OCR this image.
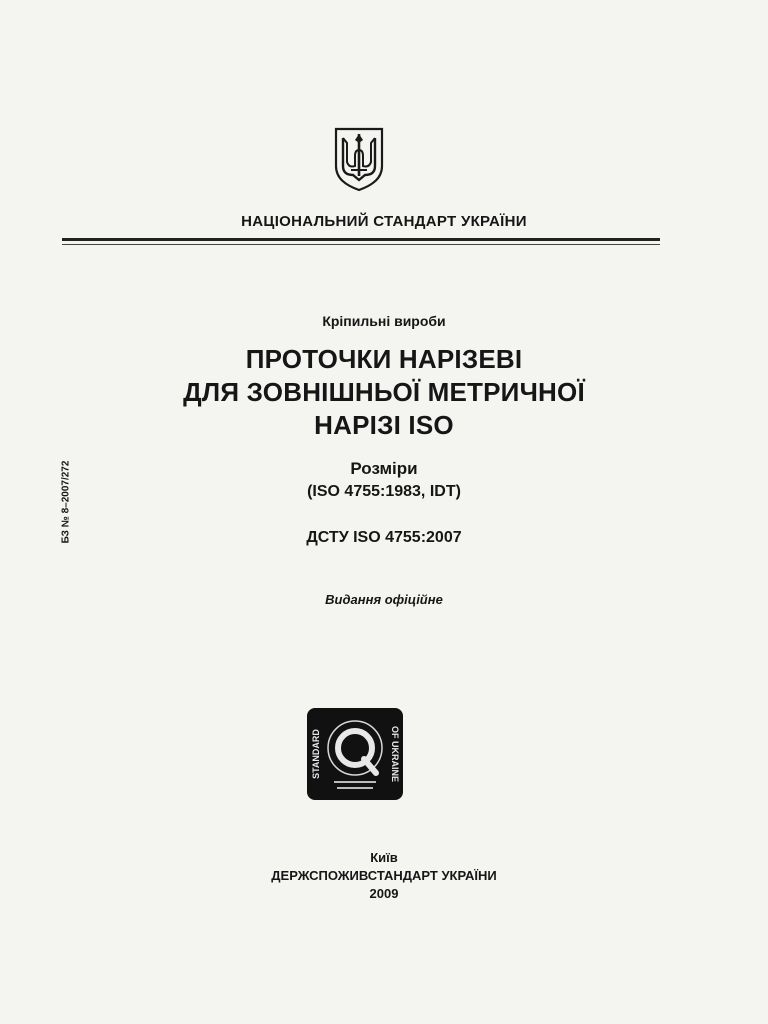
НАЦІОНАЛЬНИЙ СТАНДАРТ УКРАЇНИ
Кріпильні вироби
ПРОТОЧКИ НАРІЗЕВІ
ДЛЯ ЗОВНІШНЬОЇ МЕТРИЧНОЇ
НАРІЗІ ISO
Розміри
(ISO 4755:1983, IDT)
ДСТУ ISO 4755:2007
Видання офіційне
БЗ № 8–2007/272
STANDARD	OF UKRAINE
Київ
ДЕРЖСПОЖИВСТАНДАРТ УКРАЇНИ
2009
